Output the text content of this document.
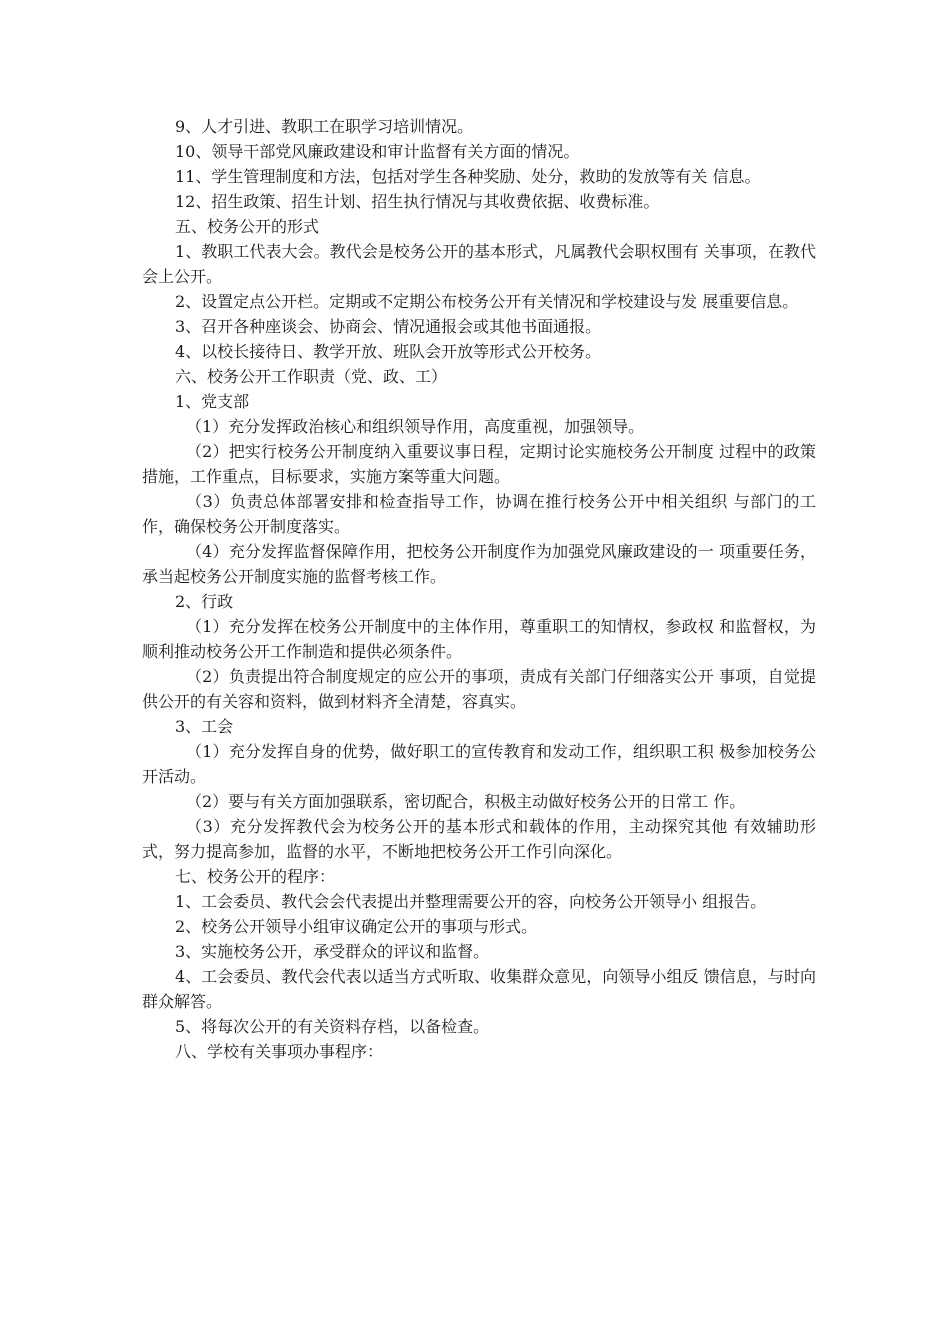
9、人才引进、教职工在职学习培训情况。

10、领导干部党风廉政建设和审计监督有关方面的情况。

11、学生管理制度和方法，包括对学生各种奖励、处分，救助的发放等有关 信息。

12、招生政策、招生计划、招生执行情况与其收费依据、收费标准。

五、校务公开的形式

1、教职工代表大会。教代会是校务公开的基本形式，凡属教代会职权围有 关事项，在教代会上公开。

2、设置定点公开栏。定期或不定期公布校务公开有关情况和学校建设与发 展重要信息。

3、召开各种座谈会、协商会、情况通报会或其他书面通报。

4、以校长接待日、教学开放、班队会开放等形式公开校务。

六、校务公开工作职责（党、政、工）

1、党支部

（1）充分发挥政治核心和组织领导作用，高度重视，加强领导。

（2）把实行校务公开制度纳入重要议事日程，定期讨论实施校务公开制度 过程中的政策措施，工作重点，目标要求，实施方案等重大问题。

（3）负责总体部署安排和检查指导工作，协调在推行校务公开中相关组织 与部门的工作，确保校务公开制度落实。

（4）充分发挥监督保障作用，把校务公开制度作为加强党风廉政建设的一 项重要任务，承当起校务公开制度实施的监督考核工作。

2、行政

（1）充分发挥在校务公开制度中的主体作用，尊重职工的知情权，参政权 和监督权，为顺利推动校务公开工作制造和提供必须条件。

（2）负责提出符合制度规定的应公开的事项，责成有关部门仔细落实公开 事项，自觉提供公开的有关容和资料，做到材料齐全清楚，容真实。

3、工会

（1）充分发挥自身的优势，做好职工的宣传教育和发动工作，组织职工积 极参加校务公开活动。

（2）要与有关方面加强联系，密切配合，积极主动做好校务公开的日常工 作。

（3）充分发挥教代会为校务公开的基本形式和载体的作用，主动探究其他 有效辅助形式，努力提高参加，监督的水平，不断地把校务公开工作引向深化。

七、校务公开的程序：

1、工会委员、教代会会代表提出并整理需要公开的容，向校务公开领导小 组报告。

2、校务公开领导小组审议确定公开的事项与形式。

3、实施校务公开，承受群众的评议和监督。

4、工会委员、教代会代表以适当方式听取、收集群众意见，向领导小组反 馈信息，与时向群众解答。

5、将每次公开的有关资料存档，以备检查。

八、学校有关事项办事程序：
